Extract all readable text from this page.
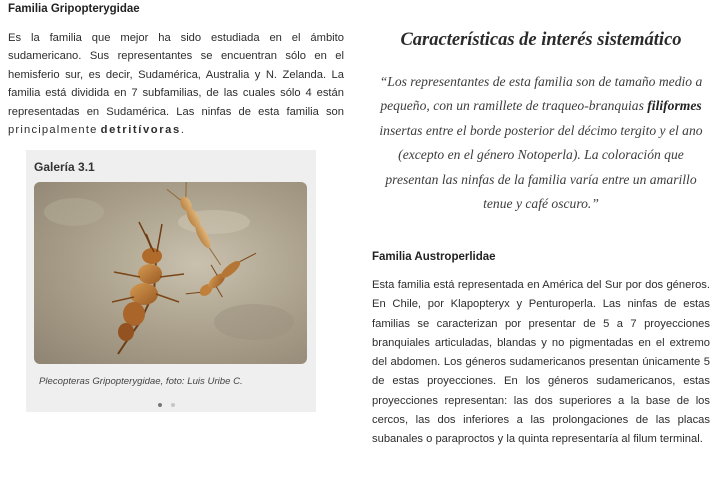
Familia Gripopterygidae

Es la familia que mejor ha sido estudiada en el ámbito sudamericano. Sus representantes se encuentran sólo en el hemisferio sur, es decir, Sudamérica, Australia y N. Zelanda. La familia está dividida en 7 subfamilias, de las cuales sólo 4 están representadas en Sudamérica. Las ninfas de esta familia son principalmente detritívoras.

Galería 3.1
Plecopteras Gripopterygidae, foto: Luis Uribe C.

Características de interés sistemático

“Los representantes de esta familia son de tamaño medio a pequeño, con un ramillete de traqueo-branquias filiformes insertas entre el borde posterior del décimo tergito y el ano (excepto en el género Notoperla). La coloración que presentan las ninfas de la familia varía entre un amarillo tenue y café oscuro.”

Familia Austroperlidae

Esta familia está representada en América del Sur por dos géneros. En Chile, por Klapopteryx y Penturoperla. Las ninfas de estas familias se caracterizan por presentar de 5 a 7 proyecciones branquiales articuladas, blandas y no pigmentadas en el extremo del abdomen. Los géneros sudamericanos presentan únicamente 5 de estas proyecciones. En los géneros sudamericanos, estas proyecciones representan: las dos superiores a la base de los cercos, las dos inferiores a las prolongaciones de las placas subanales o paraproctos y la quinta representaría al filum terminal.
